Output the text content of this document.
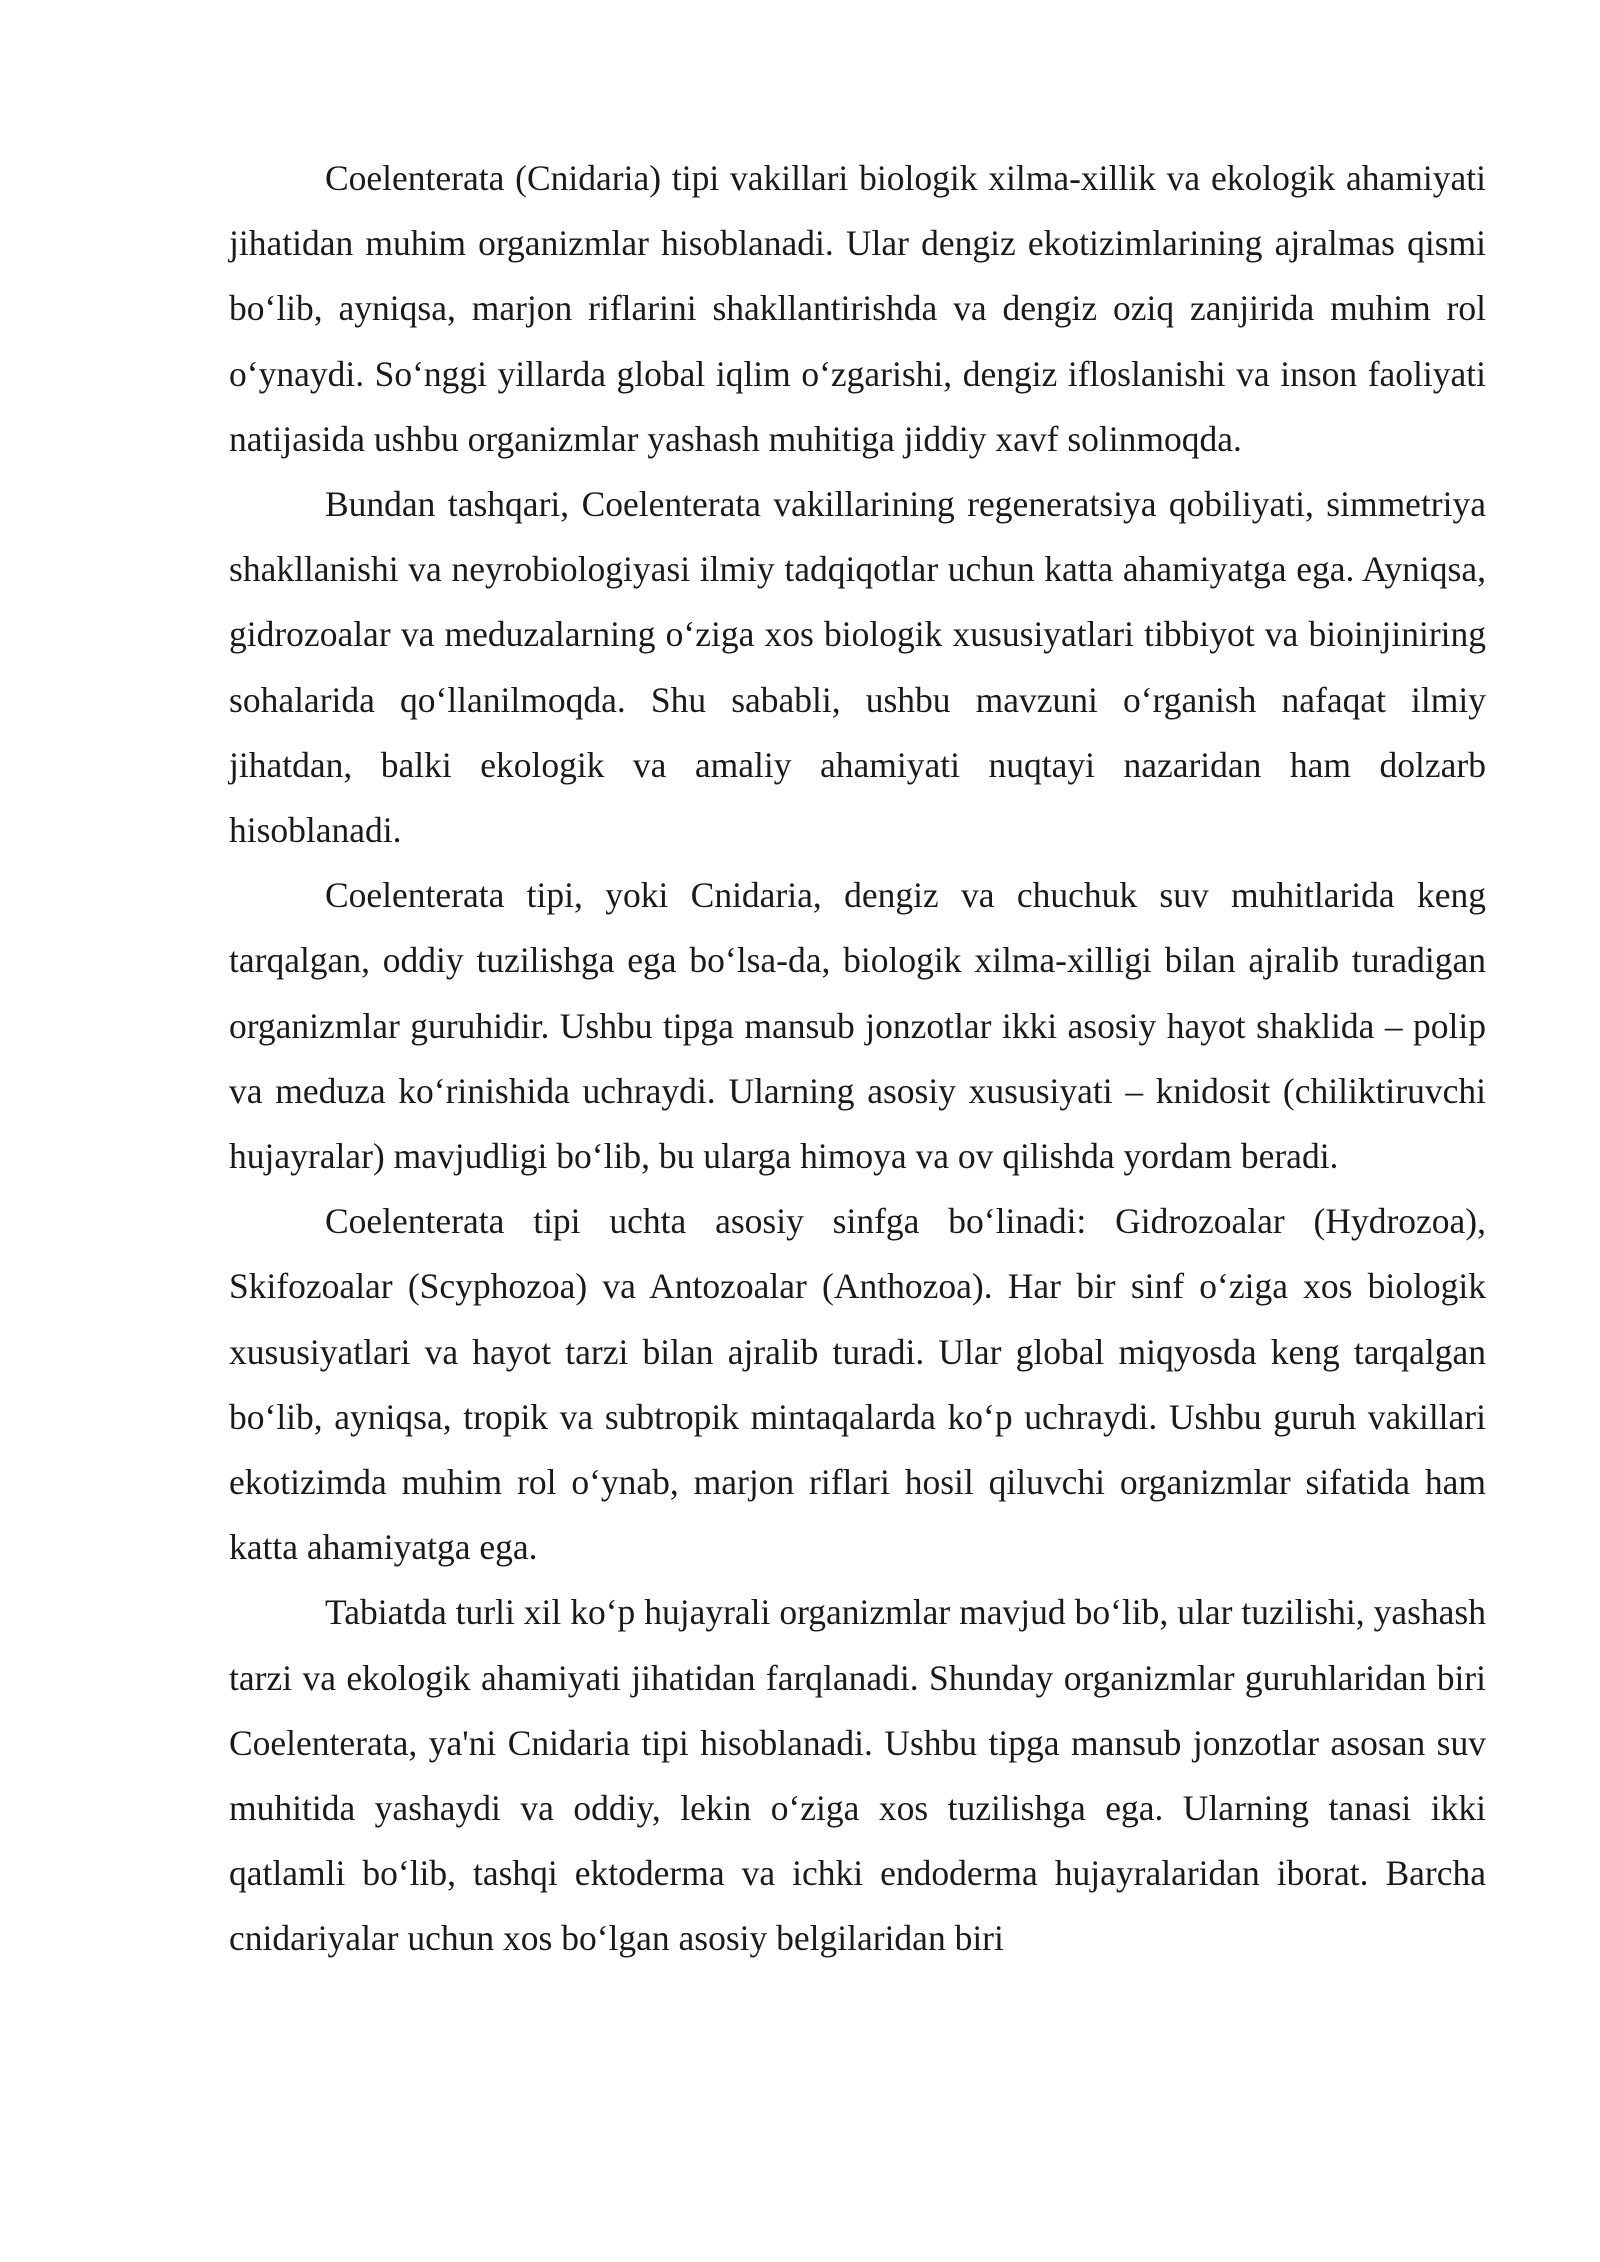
Coelenterata (Cnidaria) tipi vakillari biologik xilma-xillik va ekologik ahamiyati jihatidan muhim organizmlar hisoblanadi. Ular dengiz ekotizimlarining ajralmas qismi bo‘lib, ayniqsa, marjon riflarini shakllantirishda va dengiz oziq zanjirida muhim rol o‘ynaydi. So‘nggi yillarda global iqlim o‘zgarishi, dengiz ifloslanishi va inson faoliyati natijasida ushbu organizmlar yashash muhitiga jiddiy xavf solinmoqda.

Bundan tashqari, Coelenterata vakillarining regeneratsiya qobiliyati, simmetriya shakllanishi va neyrobiologiyasi ilmiy tadqiqotlar uchun katta ahamiyatga ega. Ayniqsa, gidrozoalar va meduzalarning o‘ziga xos biologik xususiyatlari tibbiyot va bioinjiniring sohalarida qo‘llanilmoqda. Shu sababli, ushbu mavzuni o‘rganish nafaqat ilmiy jihatdan, balki ekologik va amaliy ahamiyati nuqtayi nazaridan ham dolzarb hisoblanadi.

Coelenterata tipi, yoki Cnidaria, dengiz va chuchuk suv muhitlarida keng tarqalgan, oddiy tuzilishga ega bo‘lsa-da, biologik xilma-xilligi bilan ajralib turadigan organizmlar guruhidir. Ushbu tipga mansub jonzotlar ikki asosiy hayot shaklida – polip va meduza ko‘rinishida uchraydi. Ularning asosiy xususiyati – knidosit (chiliktiruvchi hujayralar) mavjudligi bo‘lib, bu ularga himoya va ov qilishda yordam beradi.

Coelenterata tipi uchta asosiy sinfga bo‘linadi: Gidrozoalar (Hydrozoa), Skifozoalar (Scyphozoa) va Antozoalar (Anthozoa). Har bir sinf o‘ziga xos biologik xususiyatlari va hayot tarzi bilan ajralib turadi. Ular global miqyosda keng tarqalgan bo‘lib, ayniqsa, tropik va subtropik mintaqalarda ko‘p uchraydi. Ushbu guruh vakillari ekotizimda muhim rol o‘ynab, marjon riflari hosil qiluvchi organizmlar sifatida ham katta ahamiyatga ega.

Tabiatda turli xil ko‘p hujayrali organizmlar mavjud bo‘lib, ular tuzilishi, yashash tarzi va ekologik ahamiyati jihatidan farqlanadi. Shunday organizmlar guruhlaridan biri Coelenterata, ya'ni Cnidaria tipi hisoblanadi. Ushbu tipga mansub jonzotlar asosan suv muhitida yashaydi va oddiy, lekin o‘ziga xos tuzilishga ega. Ularning tanasi ikki qatlamli bo‘lib, tashqi ektoderma va ichki endoderma hujayralaridan iborat. Barcha cnidariyalar uchun xos bo‘lgan asosiy belgilaridan biri
